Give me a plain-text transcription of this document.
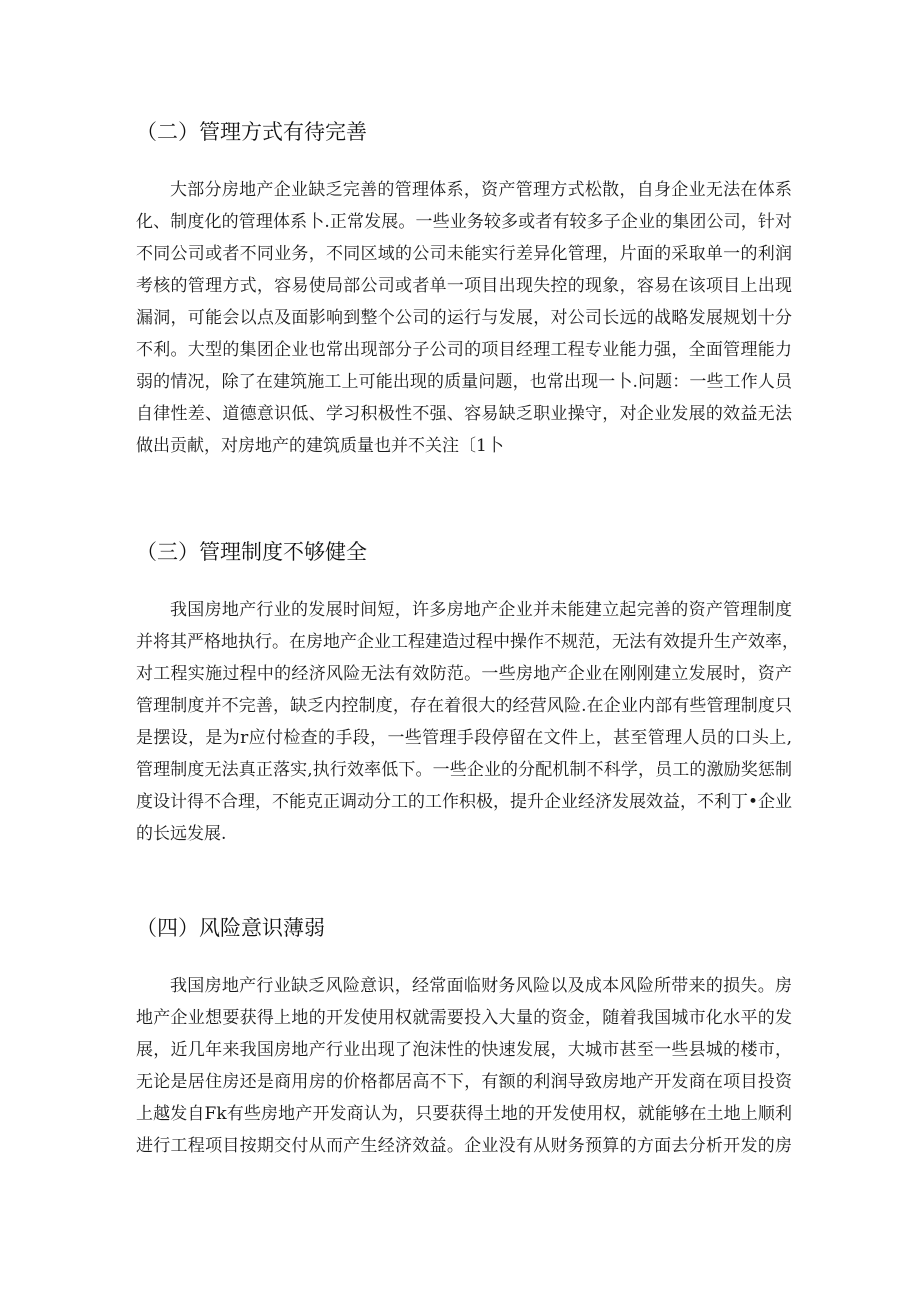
（二）管理方式有待完善
大部分房地产企业缺乏完善的管理体系，资产管理方式松散，自身企业无法在体系
化、制度化的管理体系卜.正常发展。一些业务较多或者有较多子企业的集团公司，针对
不同公司或者不同业务，不同区域的公司未能实行差异化管理，片面的采取单一的利润
考核的管理方式，容易使局部公司或者单一项目出现失控的现象，容易在该项目上出现
漏洞，可能会以点及面影响到整个公司的运行与发展，对公司长远的战略发展规划十分
不利。大型的集团企业也常出现部分子公司的项目经理工程专业能力强，全面管理能力
弱的情况，除了在建筑施工上可能出现的质量问题，也常出现一卜.问题：一些工作人员
自律性差、道德意识低、学习积极性不强、容易缺乏职业操守，对企业发展的效益无法
做出贡献，对房地产的建筑质量也并不关注〔1卜
（三）管理制度不够健全
我国房地产行业的发展时间短，许多房地产企业并未能建立起完善的资产管理制度
并将其严格地执行。在房地产企业工程建造过程中操作不规范，无法有效提升生产效率，
对工程实施过程中的经济风险无法有效防范。一些房地产企业在刚刚建立发展时，资产
管理制度并不完善，缺乏内控制度，存在着很大的经营风险.在企业内部有些管理制度只
是摆设，是为r应付检查的手段，一些管理手段停留在文件上，甚至管理人员的口头上,
管理制度无法真正落实,执行效率低下。一些企业的分配机制不科学，员工的激励奖惩制
度设计得不合理，不能克正调动分工的工作积极，提升企业经济发展效益，不利丁•企业
的长远发展.
（四）风险意识薄弱
我国房地产行业缺乏风险意识，经常面临财务风险以及成本风险所带来的损失。房
地产企业想要获得上地的开发使用权就需要投入大量的资金，随着我国城市化水平的发
展，近几年来我国房地产行业出现了泡沫性的快速发展，大城市甚至一些县城的楼市，
无论是居住房还是商用房的价格都居高不下，有额的利润导致房地产开发商在项目投资
上越发自Fk有些房地产开发商认为，只要获得土地的开发使用权，就能够在土地上顺利
进行工程项目按期交付从而产生经济效益。企业没有从财务预算的方面去分析开发的房
